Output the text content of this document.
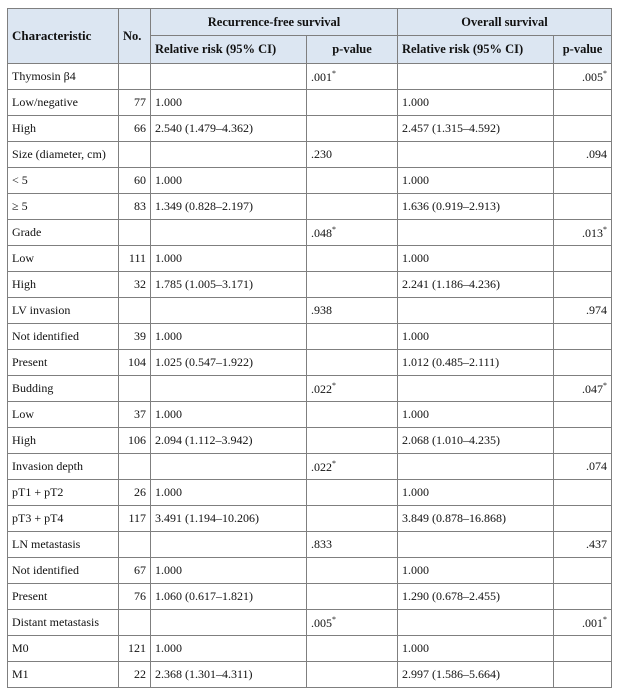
Characteristic	No.	Recurrence-free survival		Overall survival	
		Relative risk (95% CI)	p-value	Relative risk (95% CI)	p-value
Thymosin β4			.001*		.005*
Low/negative	77	1.000		1.000	
High	66	2.540 (1.479–4.362)		2.457 (1.315–4.592)	
Size (diameter, cm)			.230		.094
< 5	60	1.000		1.000	
≥ 5	83	1.349 (0.828–2.197)		1.636 (0.919–2.913)	
Grade			.048*		.013*
Low	111	1.000		1.000	
High	32	1.785 (1.005–3.171)		2.241 (1.186–4.236)	
LV invasion			.938		.974
Not identified	39	1.000		1.000	
Present	104	1.025 (0.547–1.922)		1.012 (0.485–2.111)	
Budding			.022*		.047*
Low	37	1.000		1.000	
High	106	2.094 (1.112–3.942)		2.068 (1.010–4.235)	
Invasion depth			.022*		.074
pT1 + pT2	26	1.000		1.000	
pT3 + pT4	117	3.491 (1.194–10.206)		3.849 (0.878–16.868)	
LN metastasis			.833		.437
Not identified	67	1.000		1.000	
Present	76	1.060 (0.617–1.821)		1.290 (0.678–2.455)	
Distant metastasis			.005*		.001*
M0	121	1.000		1.000	
M1	22	2.368 (1.301–4.311)		2.997 (1.586–5.664)	
